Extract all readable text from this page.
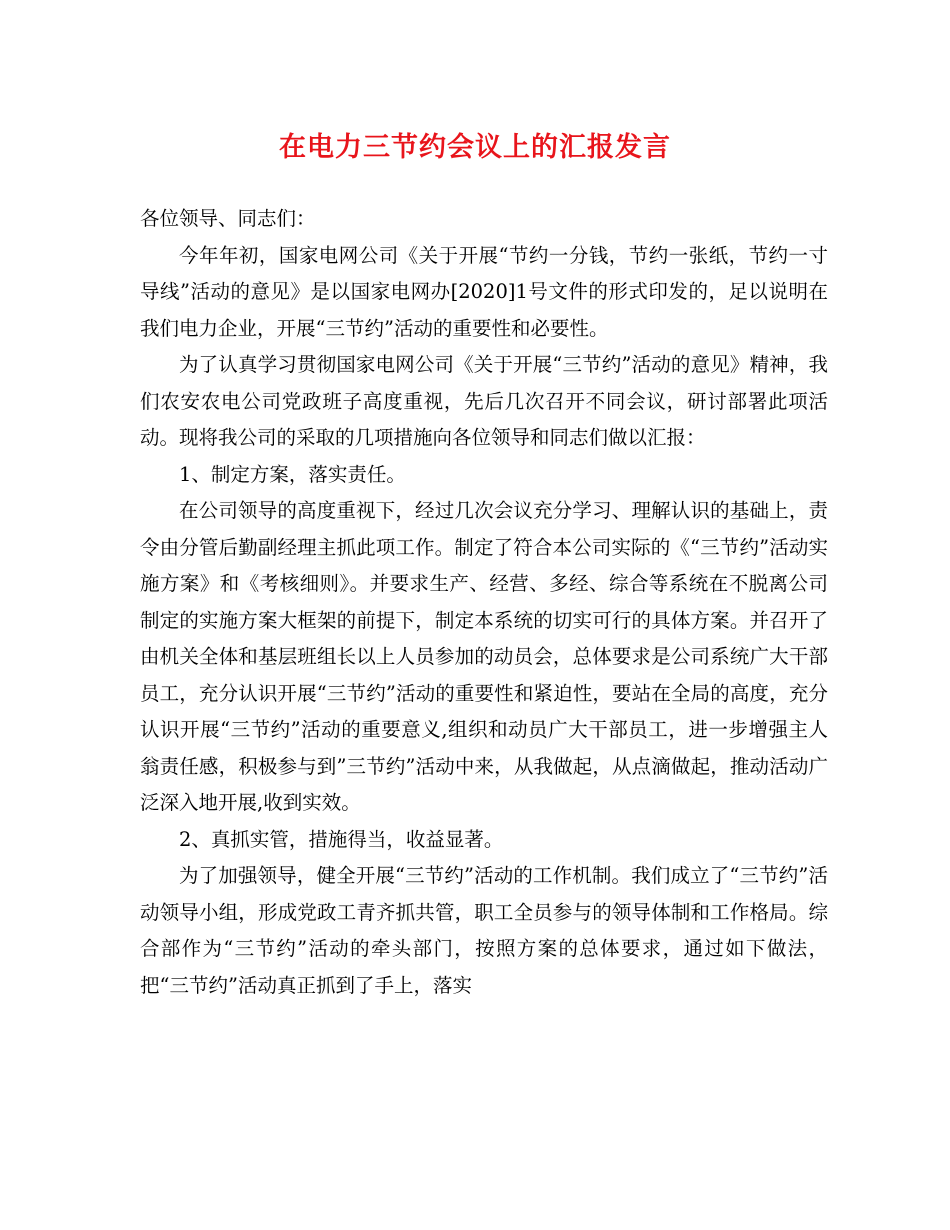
在电力三节约会议上的汇报发言

各位领导、同志们：

今年年初，国家电网公司《关于开展“节约一分钱，节约一张纸，节约一寸导线”活动的意见》是以国家电网办[2020]1号文件的形式印发的，足以说明在我们电力企业，开展“三节约”活动的重要性和必要性。

为了认真学习贯彻国家电网公司《关于开展“三节约”活动的意见》精神，我们农安农电公司党政班子高度重视，先后几次召开不同会议，研讨部署此项活动。现将我公司的采取的几项措施向各位领导和同志们做以汇报：

1、制定方案，落实责任。

在公司领导的高度重视下，经过几次会议充分学习、理解认识的基础上，责令由分管后勤副经理主抓此项工作。制定了符合本公司实际的《“三节约”活动实施方案》和《考核细则》。并要求生产、经营、多经、综合等系统在不脱离公司制定的实施方案大框架的前提下，制定本系统的切实可行的具体方案。并召开了由机关全体和基层班组长以上人员参加的动员会，总体要求是公司系统广大干部员工，充分认识开展“三节约”活动的重要性和紧迫性，要站在全局的高度，充分认识开展“三节约”活动的重要意义,组织和动员广大干部员工，进一步增强主人翁责任感，积极参与到”三节约”活动中来，从我做起，从点滴做起，推动活动广泛深入地开展,收到实效。

2、真抓实管，措施得当，收益显著。

为了加强领导，健全开展“三节约”活动的工作机制。我们成立了“三节约”活动领导小组，形成党政工青齐抓共管，职工全员参与的领导体制和工作格局。综合部作为“三节约”活动的牵头部门，按照方案的总体要求，通过如下做法，把“三节约”活动真正抓到了手上，落实
